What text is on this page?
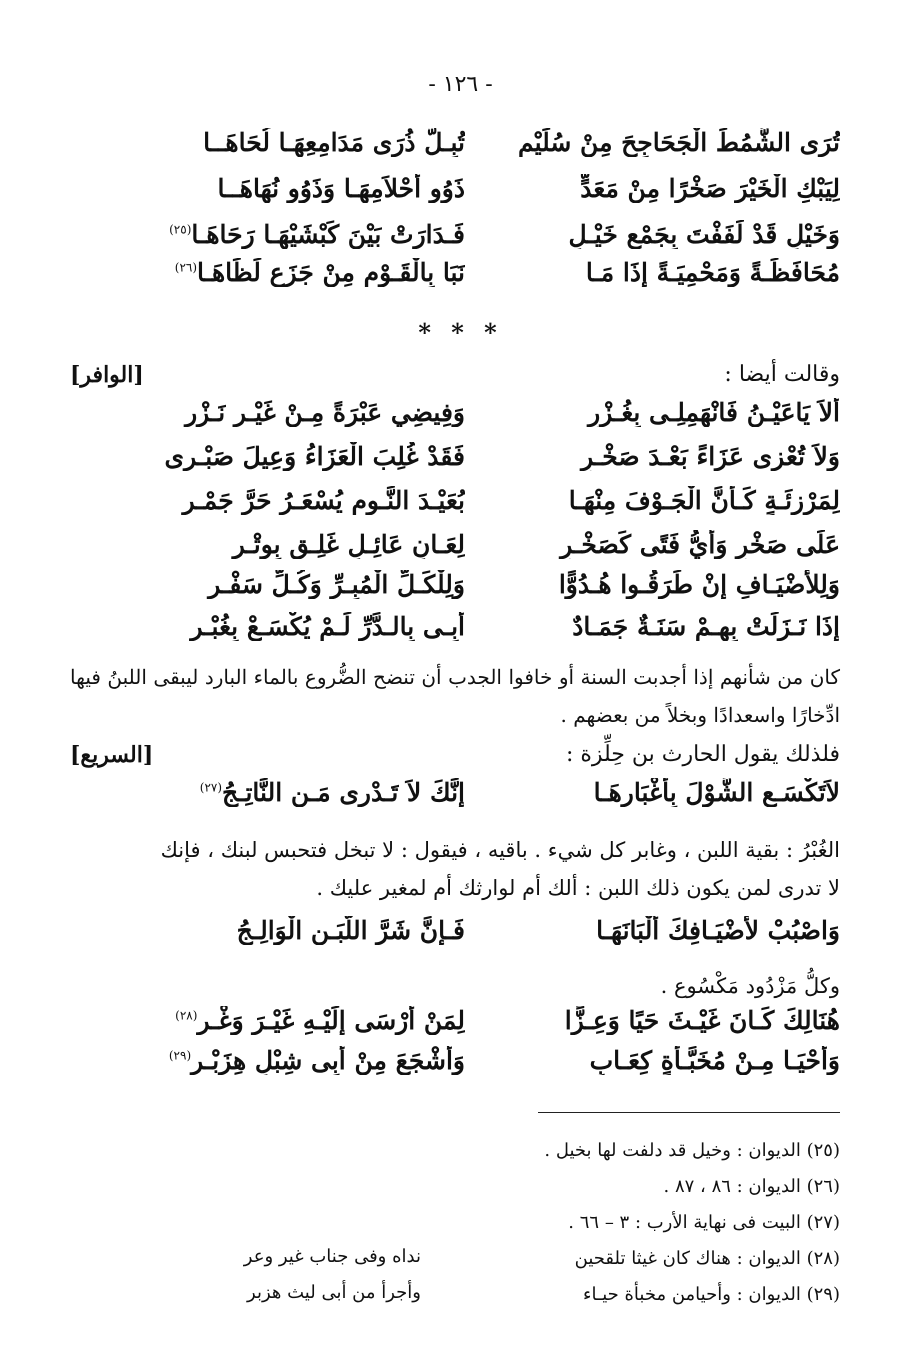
- ١٢٦ -
تُرَى الشُّمُطَ الْجَحَاجِحَ مِنْ سُلَيْم
تُبِـلُّ ذُرَى مَدَامِعِهَـا لُحَاهَــا
لِيَبْكِ الْخَيْرَ صَخْرًا مِنْ مَعَدٍّ
ذَوُو أَحْلاَمِهَـا وَذَوُو نُهَاهَــا
وَخَيْلٍ قَدْ لَفَفْتَ بِجَمْعِ خَيْـلٍ
فَـدَارَتْ بَيْنَ كَبْشَيْهَـا رَحَاهَـا$^{(٢٥)}$
مُحَافَظَـةً وَمَحْمِيَـةً إِذَا مَـا
نَبَا بِالْقَـوْمِ مِنْ جَزَعٍ لَظَاهَـا$^{(٢٦)}$
* * *
وقالت أيضا :
[الوافر]
أَلاَ يَاعَيْـنُ فَانْهَمِلِـى بِغُـزْرٍ
وَفِيضِي عَبْرَةً مِـنْ غَيْـرِ نَـزْرِ
وَلاَ تُعْزِى عَزَاءً بَعْـدَ صَخْـرٍ
فَقَدْ غُلِبَ الْعَزَاءُ وَعِيلَ صَبْـرِى
لِمَرْزِئَـةٍ كَـأَنَّ الْجَـوْفَ مِنْهَـا
بُعَيْـدَ النَّـومِ يُسْعَـرُ حَرَّ جَمْـرِ
عَلَى صَخْرٍ وَأَيُّ فَتًى كَصَخْـرٍ
لِعَـانٍ عَائِـلٍ غَلِـقٍ بِوِتْـرِ
وَلِلأَضْيَـافِ إِنْ طَرَقُـوا هُـدُوًّا
وَلِلْكَـلِّ الْمُبِـرِّ وَكُـلِّ سَفْـرِ
إِذَا نَـزَلَتْ بِهِـمْ سَنَـةٌ جَمَـادٌ
أَبِـى بِالـدَّرِّ لَـمْ يُكْسَـعْ بِغُبْـرِ
كان من شأنهم إذا أجدبت السنة أو خافوا الجدب أن تنضح الضُّروع بالماء البارد ليبقى اللبنُ فيها ادِّخارًا واسعدادًا وبخلاً من بعضهم .
فلذلك يقول الحارث بن حِلِّزة :
[السريع]
لاَتَكْسَـعِ الشَّوْلَ بِأَغْبَارِهَـا
إِنَّكَ لاَ تَـدْرِى مَـنِ النَّاتِـجُ$^{(٢٧)}$
الغُبْرُ : بقية اللبن ، وغابر كل شيء . باقيه ، فيقول : لا تبخل فتحبس لبنك ، فإنك
لا تدرى لمن يكون ذلك اللبن : ألك أم لوارثك أم لمغير عليك .
وَاصْبُبْ لأَضْيَـافِكَ أَلْبَانَهَـا
فَـإِنَّ شَرَّ اللَّبَـنِ الْوَالِـجُ
وكلُّ مَزْدُود مَكْسُوع .
هُنَالِكَ كَـانَ غَيْـثَ حَيًا وَعِـزًّا
لِمَنْ أَرْسَى إِلَيْـهِ غَيْـرَ وَغْـرِ$^{(٢٨)}$
وَأَحْيَـا مِـنْ مُخَبَّـأَةٍ كِعَـابٍ
وَأَشْجَعَ مِنْ أَبِى شِبْلٍ هِزَبْـرِ$^{(٢٩)}$
(٢٥) الديوان : وخيل قد دلفت لها بخيل .
(٢٦) الديوان : ٨٦ ، ٨٧ .
(٢٧) البيت فى نهاية الأرب : ٣ – ٦٦ .
(٢٨) الديوان : هناك كان غيثا تلقحين
نداه وفى جناب غير وعر
(٢٩) الديوان : وأحيامن مخبأة حيـاء
وأجرأ من أبى ليث هزبر
